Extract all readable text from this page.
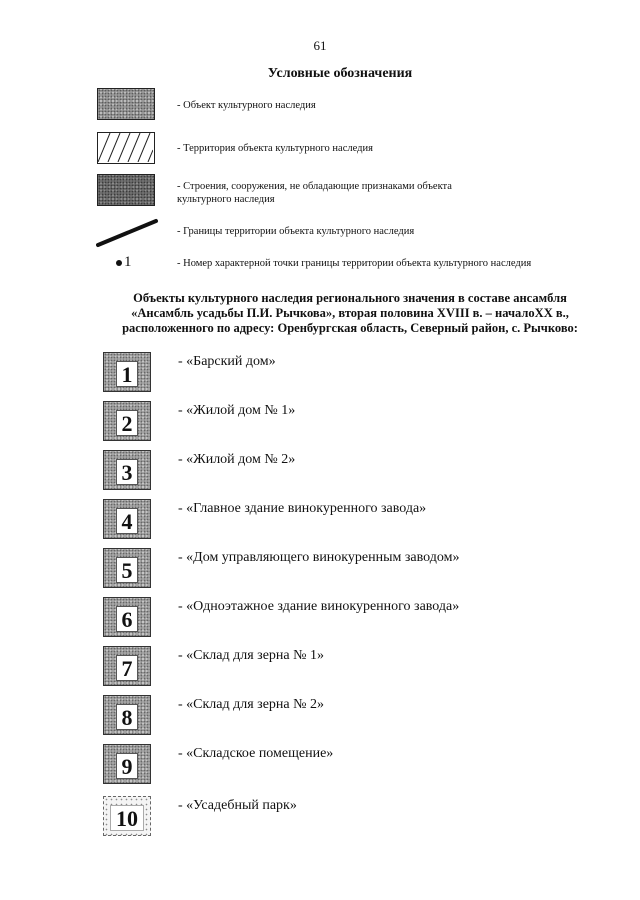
61
Условные обозначения
- Объект культурного наследия
- Территория объекта культурного наследия
- Строения, сооружения, не обладающие признаками объекта культурного наследия
- Границы территории объекта культурного наследия
1	- Номер характерной точки границы территории объекта культурного наследия
Объекты культурного наследия регионального значения в составе ансамбля
«Ансамбль усадьбы П.И. Рычкова», вторая половина XVIII в. – началоXX в.,
расположенного по адресу: Оренбургская область, Северный район, с. Рычково:
1
- «Барский дом»
2
- «Жилой дом № 1»
3
- «Жилой дом № 2»
4
- «Главное здание винокуренного завода»
5
- «Дом управляющего винокуренным заводом»
6
- «Одноэтажное здание винокуренного завода»
7
- «Склад для зерна № 1»
8
- «Склад для зерна № 2»
9
- «Складское помещение»
10
- «Усадебный парк»
